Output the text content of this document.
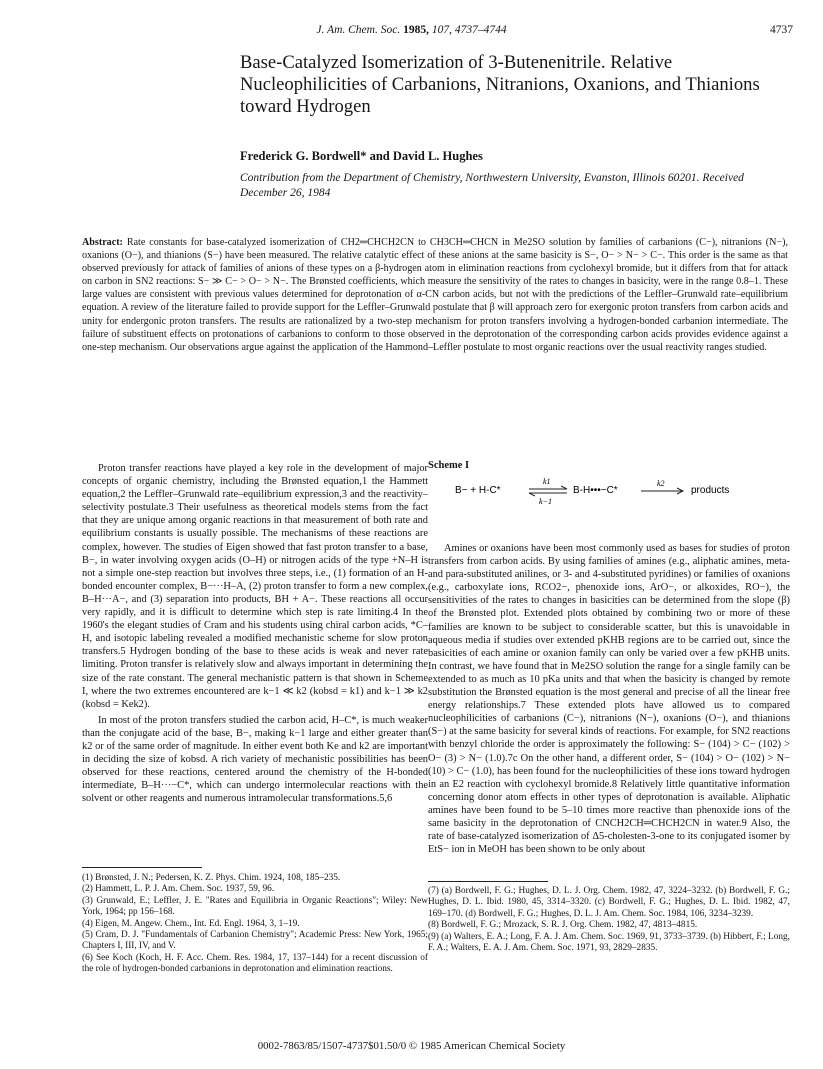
J. Am. Chem. Soc. 1985, 107, 4737–4744	4737
Base-Catalyzed Isomerization of 3-Butenenitrile. Relative Nucleophilicities of Carbanions, Nitranions, Oxanions, and Thianions toward Hydrogen
Frederick G. Bordwell* and David L. Hughes
Contribution from the Department of Chemistry, Northwestern University, Evanston, Illinois 60201. Received December 26, 1984
Abstract: Rate constants for base-catalyzed isomerization of CH2═CHCH2CN to CH3CH═CHCN in Me2SO solution by families of carbanions (C−), nitranions (N−), oxanions (O−), and thianions (S−) have been measured. The relative catalytic effect of these anions at the same basicity is S−, O− > N− > C−. This order is the same as that observed previously for attack of families of anions of these types on a β-hydrogen atom in elimination reactions from cyclohexyl bromide, but it differs from that for attack on carbon in SN2 reactions: S− ≫ C− > O− > N−. The Brønsted coefficients, which measure the sensitivity of the rates to changes in basicity, were in the range 0.8–1. These large values are consistent with previous values determined for deprotonation of α-CN carbon acids, but not with the predictions of the Leffler–Grunwald rate–equilibrium equation. A review of the literature failed to provide support for the Leffler–Grunwald postulate that β will approach zero for exergonic proton transfers from carbon acids and unity for endergonic proton transfers. The results are rationalized by a two-step mechanism for proton transfers involving a hydrogen-bonded carbanion intermediate. The failure of substituent effects on protonations of carbanions to conform to those observed in the deprotonation of the corresponding carbon acids provides evidence against a one-step mechanism. Our observations argue against the application of the Hammond–Leffler postulate to most organic reactions over the usual reactivity ranges studied.

Proton transfer reactions have played a key role in the development of major concepts of organic chemistry, including the Brønsted equation,1 the Hammett equation,2 the Leffler–Grunwald rate–equilibrium expression,3 and the reactivity–selectivity postulate.3 Their usefulness as theoretical models stems from the fact that they are unique among organic reactions in that measurement of both rate and equilibrium constants is usually possible. The mechanisms of these reactions are complex, however. The studies of Eigen showed that fast proton transfer to a base, B−, in water involving oxygen acids (O–H) or nitrogen acids of the type +N–H is not a simple one-step reaction but involves three steps, i.e., (1) formation of an H-bonded encounter complex, B−···H–A, (2) proton transfer to form a new complex, B–H···A−, and (3) separation into products, BH + A−. These reactions all occur very rapidly, and it is difficult to determine which step is rate limiting.4 In the 1960's the elegant studies of Cram and his students using chiral carbon acids, *C–H, and isotopic labeling revealed a modified mechanistic scheme for slow proton transfers.5 Hydrogen bonding of the base to these acids is weak and never rate limiting. Proton transfer is relatively slow and always important in determining the size of the rate constant. The general mechanistic pattern is that shown in Scheme I, where the two extremes encountered are k−1 ≪ k2 (kobsd = k1) and k−1 ≫ k2 (kobsd = Kek2).

In most of the proton transfers studied the carbon acid, H–C*, is much weaker than the conjugate acid of the base, B−, making k−1 large and either greater than k2 or of the same order of magnitude. In either event both Ke and k2 are important in deciding the size of kobsd. A rich variety of mechanistic possibilities has been observed for these reactions, centered around the chemistry of the H-bonded intermediate, B–H···−C*, which can undergo intermolecular reactions with the solvent or other reagents and numerous intramolecular transformations.5,6

Scheme I
B− + H-C*
k1
k−1
B-H•••−C*
k2
products

Amines or oxanions have been most commonly used as bases for studies of proton transfers from carbon acids. By using families of amines (e.g., aliphatic amines, meta- and para-substituted anilines, or 3- and 4-substituted pyridines) or families of oxanions (e.g., carboxylate ions, RCO2−, phenoxide ions, ArO−, or alkoxides, RO−), the sensitivities of the rates to changes in basicities can be determined from the slope (β) of the Brønsted plot. Extended plots obtained by combining two or more of these families are known to be subject to considerable scatter, but this is unavoidable in aqueous media if studies over extended pKHB regions are to be carried out, since the basicities of each amine or oxanion family can only be varied over a few pKHB units. In contrast, we have found that in Me2SO solution the range for a single family can be extended to as much as 10 pKa units and that when the basicity is changed by remote substitution the Brønsted equation is the most general and precise of all the linear free energy relationships.7 These extended plots have allowed us to compared nucleophilicities of carbanions (C−), nitranions (N−), oxanions (O−), and thianions (S−) at the same basicity for several kinds of reactions. For example, for SN2 reactions with benzyl chloride the order is approximately the following: S− (104) > C− (102) > O− (3) > N− (1.0).7c On the other hand, a different order, S− (104) > O− (102) > N− (10) > C− (1.0), has been found for the nucleophilicities of these ions toward hydrogen in an E2 reaction with cyclohexyl bromide.8 Relatively little quantitative information concerning donor atom effects in other types of deprotonation is available. Aliphatic amines have been found to be 5–10 times more reactive than phenoxide ions of the same basicity in the deprotonation of CNCH2CH═CHCH2CN in water.9 Also, the rate of base-catalyzed isomerization of Δ5-cholesten-3-one to its conjugated isomer by EtS− ion in MeOH has been shown to be only about

(1) Brønsted, J. N.; Pedersen, K. Z. Phys. Chim. 1924, 108, 185–235.
(2) Hammett, L. P. J. Am. Chem. Soc. 1937, 59, 96.
(3) Grunwald, E.; Leffler, J. E. "Rates and Equilibria in Organic Reactions"; Wiley: New York, 1964; pp 156–168.
(4) Eigen, M. Angew. Chem., Int. Ed. Engl. 1964, 3, 1–19.
(5) Cram, D. J. "Fundamentals of Carbanion Chemistry"; Academic Press: New York, 1965; Chapters I, III, IV, and V.
(6) See Koch (Koch, H. F. Acc. Chem. Res. 1984, 17, 137–144) for a recent discussion of the role of hydrogen-bonded carbanions in deprotonation and elimination reactions.
(7) (a) Bordwell, F. G.; Hughes, D. L. J. Org. Chem. 1982, 47, 3224–3232. (b) Bordwell, F. G.; Hughes, D. L. Ibid. 1980, 45, 3314–3320. (c) Bordwell, F. G.; Hughes, D. L. Ibid. 1982, 47, 169–170. (d) Bordwell, F. G.; Hughes, D. L. J. Am. Chem. Soc. 1984, 106, 3234–3239.
(8) Bordwell, F. G.; Mrozack, S. R. J. Org. Chem. 1982, 47, 4813–4815.
(9) (a) Walters, E. A.; Long, F. A. J. Am. Chem. Soc. 1969, 91, 3733–3739. (b) Hibbert, F.; Long, F. A.; Walters, E. A. J. Am. Chem. Soc. 1971, 93, 2829–2835.
0002-7863/85/1507-4737$01.50/0 © 1985 American Chemical Society
